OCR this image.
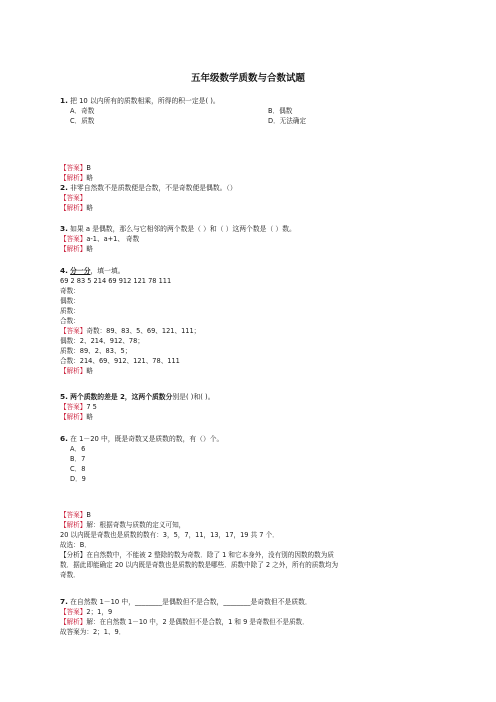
五年级数学质数与合数试题
1. 把 10 以内所有的质数相乘，所得的积一定是( )。
A．奇数	B．偶数
C．质数	D．无法确定
【答案】B
【解析】略
2. 非零自然数不是质数便是合数，不是奇数便是偶数。（）
【答案】
【解析】略
3. 如果 a 是偶数，那么与它相邻的两个数是（ ）和（ ）这两个数是（ ）数。
【答案】a-1、a+1、 奇数
【解析】略
4. 分一分，填一填。
69 2 83 5 214 69 912 121 78 111
奇数：
偶数：
质数：
合数：
【答案】奇数：89、83、5、69、121、111；
偶数：2、214、912、78；
质数：89、2、83、5；
合数：214、69、912、121、78、111
【解析】略
5. 两个质数的差是 2，这两个质数分别是( )和( )。
【答案】7 5
【解析】略
6. 在 1－20 中，既是奇数又是质数的数，有（）个。
A．6
B．7
C．8
D．9
【答案】B
【解析】解：根据奇数与质数的定义可知，
20 以内既是奇数也是质数的数有：3，5，7，11，13，17，19 共 7 个．
故选：B．
【分析】在自然数中，不能被 2 整除的数为奇数．除了 1 和它本身外，没有别的因数的数为质
数．据此即能确定 20 以内既是奇数也是质数的数是哪些．质数中除了 2 之外，所有的质数均为
奇数．
7. 在自然数 1－10 中，________是偶数但不是合数，________是奇数但不是质数．
【答案】2；1，9
【解析】解：在自然数 1－10 中，2 是偶数但不是合数，1 和 9 是奇数但不是质数．
故答案为：2；1、9．
